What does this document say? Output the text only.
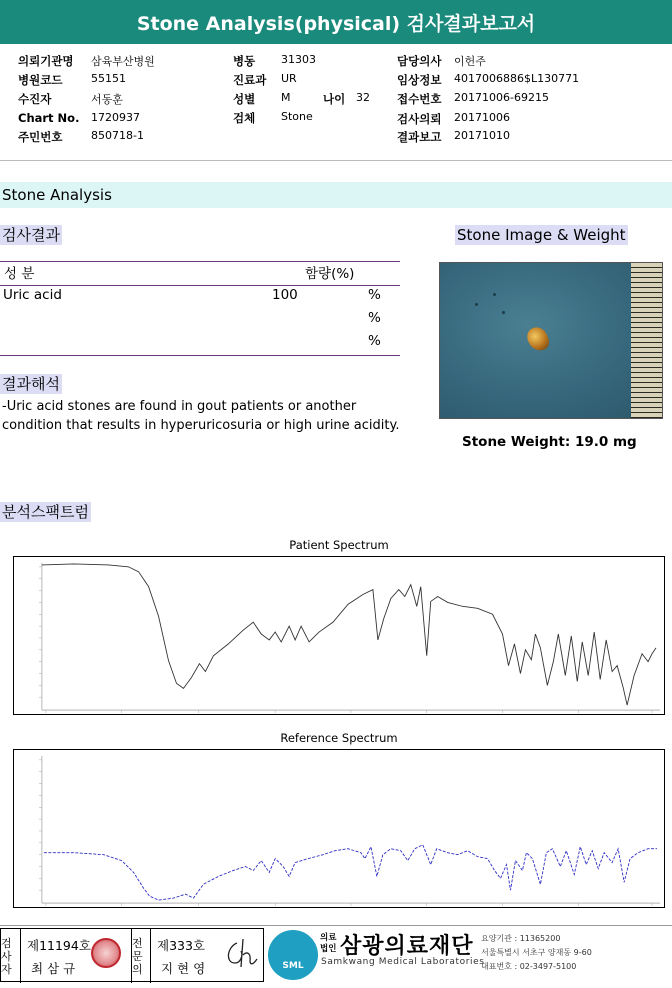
Stone Analysis(physical) 검사결과보고서
의뢰기관명 삼육부산병원
병원코드	55151
수진자	서동훈
Chart No. 1720937
주민번호	850718-1
병동 31303
진료과 UR
성별 M	나이 32
검체 Stone
담당의사 이헌주
임상정보 4017006886$L130771
접수번호 20171006-69215
검사의뢰 20171006
결과보고 20171010
Stone Analysis
검사결과	Stone Image & Weight
성 분	함량(%)
Uric acid	100	%
%
%
결과해석
-Uric acid stones are found in gout patients or another
condition that results in hyperuricosuria or high urine acidity.
Stone Weight: 19.0 mg
분석스팩트럼
Patient Spectrum
Reference Spectrum
검사자
제11194호
최 삼 규
전문의
제333호
지 현 영	SML
의료
법인 삼광의료재단
Samkwang Medical Laboratories
요양기관 : 11365200
서울특별시 서초구 양재동 9-60
대표번호 : 02-3497-5100
